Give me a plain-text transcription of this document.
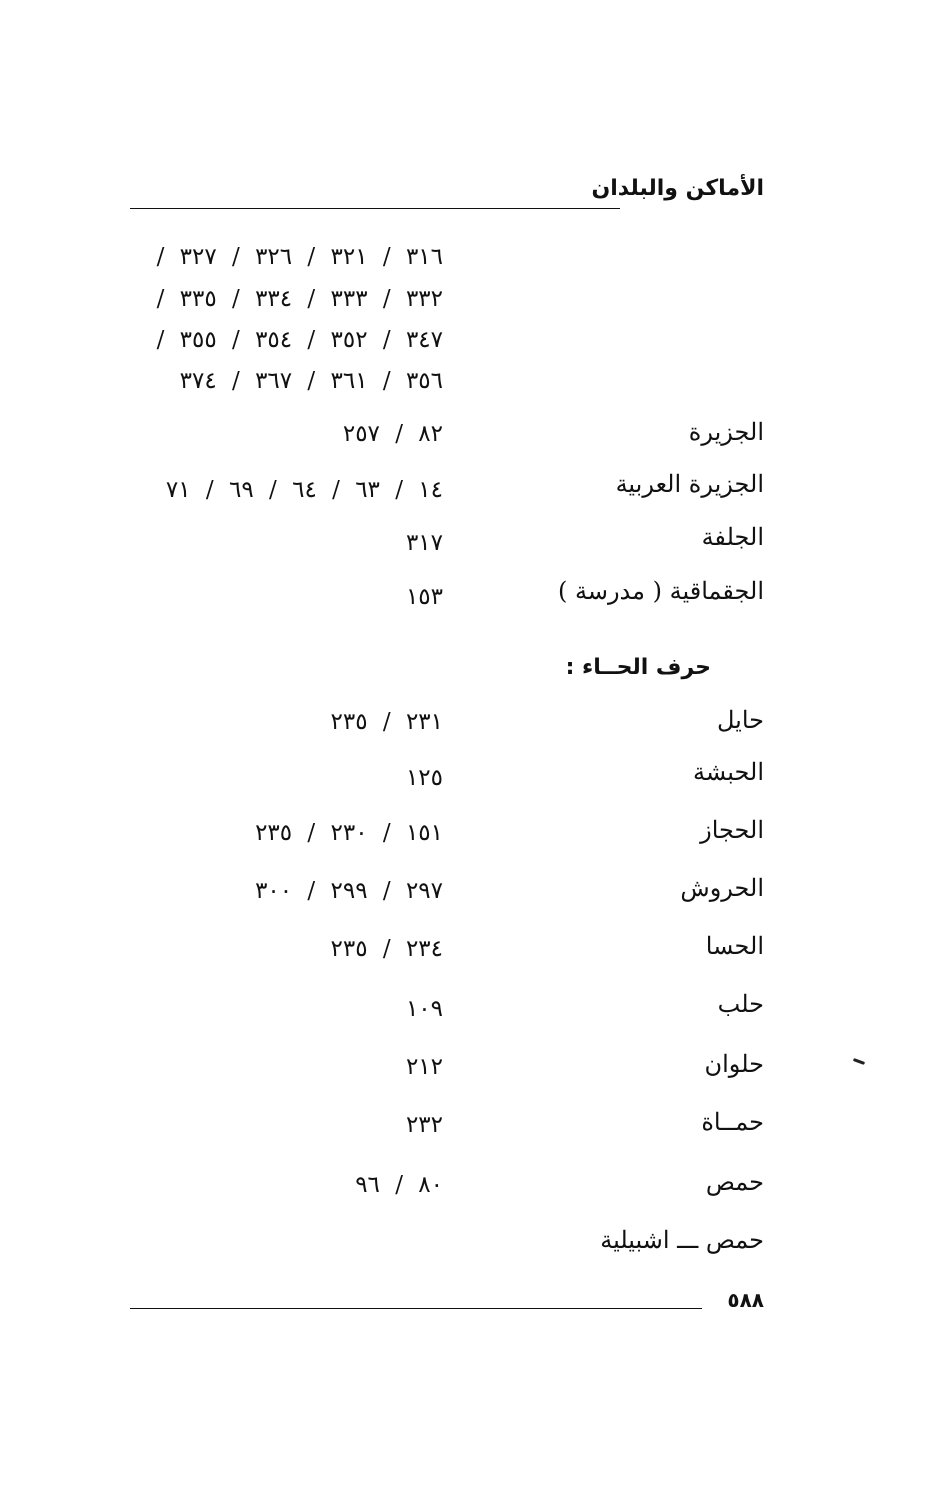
الأماكن والبلدان
٣١٦ / ٣٢١ / ٣٢٦ / ٣٢٧ /
٣٣٢ / ٣٣٣ / ٣٣٤ / ٣٣٥ /
٣٤٧ / ٣٥٢ / ٣٥٤ / ٣٥٥ /
٣٥٦ / ٣٦١ / ٣٦٧ / ٣٧٤
الجزيرة
٨٢ / ٢٥٧
الجزيرة العربية
١٤ / ٦٣ / ٦٤ / ٦٩ / ٧١
الجلفة
٣١٧
الجقماقية ( مدرسة )
١٥٣
حرف الحــاء :
حايل
٢٣١ / ٢٣٥
الحبشة
١٢٥
الحجاز
١٥١ / ٢٣٠ / ٢٣٥
الحروش
٢٩٧ / ٢٩٩ / ٣٠٠
الحسا
٢٣٤ / ٢٣٥
حلب
١٠٩
حلوان
٢١٢
حمــاة
٢٣٢
حمص
٨٠ / ٩٦
حمص ـــ اشبيلية
٥٨٨
